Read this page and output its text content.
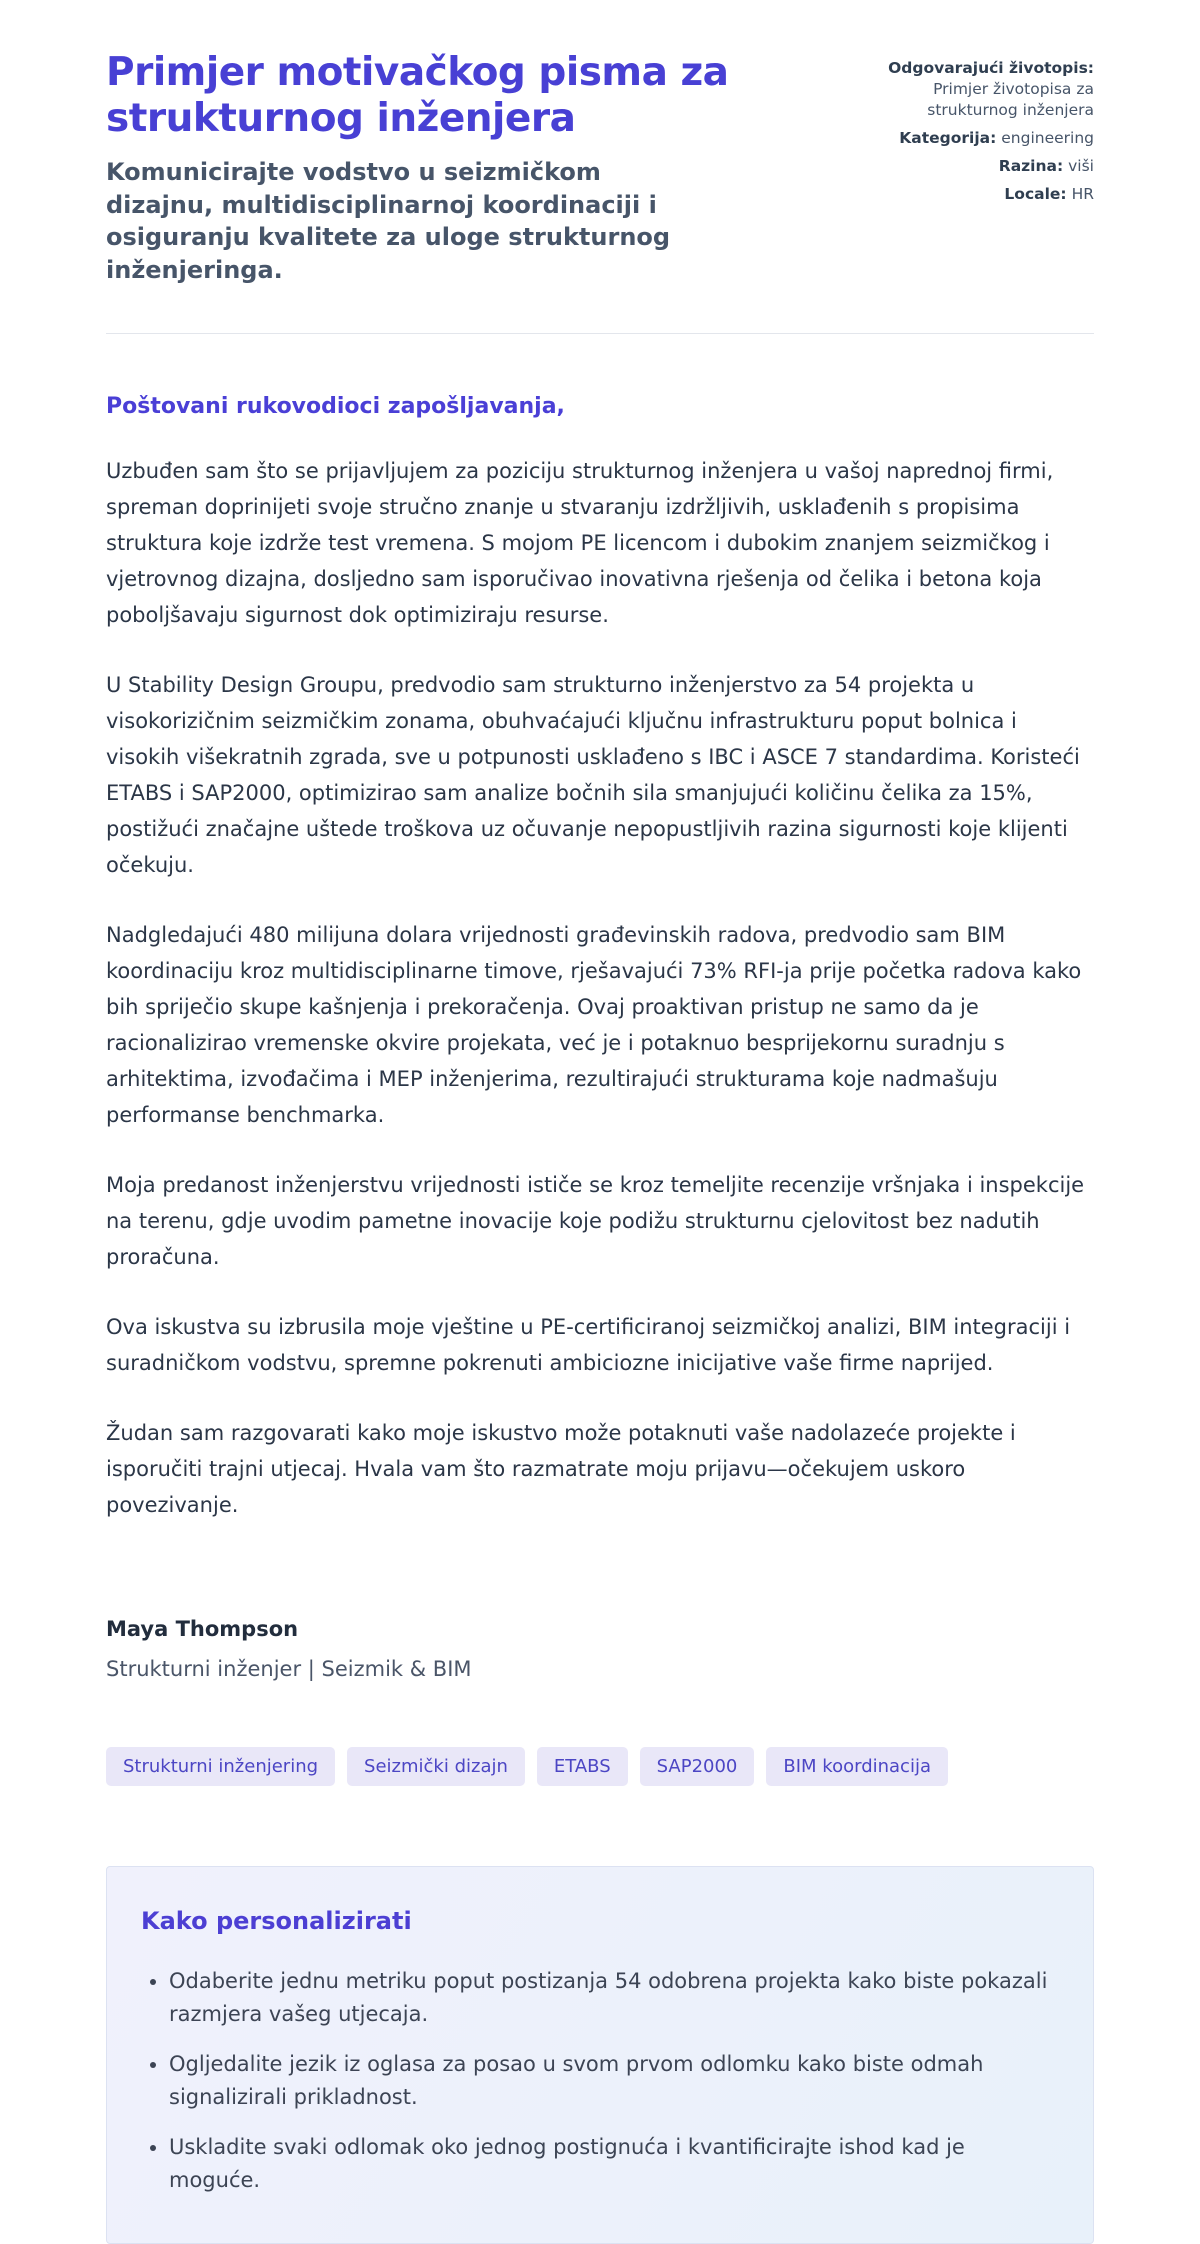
Primjer motivačkog pisma za strukturnog inženjera

Komunicirajte vodstvo u seizmičkom dizajnu, multidisciplinarnoj koordinaciji i osiguranju kvalitete za uloge strukturnog inženjeringa.

Odgovarajući životopis: Primjer životopisa za strukturnog inženjera
Kategorija: engineering
Razina: viši
Locale: HR

Poštovani rukovodioci zapošljavanja,

Uzbuđen sam što se prijavljujem za poziciju strukturnog inženjera u vašoj naprednoj firmi, spreman doprinijeti svoje stručno znanje u stvaranju izdržljivih, usklađenih s propisima struktura koje izdrže test vremena. S mojom PE licencom i dubokim znanjem seizmičkog i vjetrovnog dizajna, dosljedno sam isporučivao inovativna rješenja od čelika i betona koja poboljšavaju sigurnost dok optimiziraju resurse.

U Stability Design Groupu, predvodio sam strukturno inženjerstvo za 54 projekta u visokorizičnim seizmičkim zonama, obuhvaćajući ključnu infrastrukturu poput bolnica i visokih višekratnih zgrada, sve u potpunosti usklađeno s IBC i ASCE 7 standardima. Koristeći ETABS i SAP2000, optimizirao sam analize bočnih sila smanjujući količinu čelika za 15%, postižući značajne uštede troškova uz očuvanje nepopustljivih razina sigurnosti koje klijenti očekuju.

Nadgledajući 480 milijuna dolara vrijednosti građevinskih radova, predvodio sam BIM koordinaciju kroz multidisciplinarne timove, rješavajući 73% RFI-ja prije početka radova kako bih spriječio skupe kašnjenja i prekoračenja. Ovaj proaktivan pristup ne samo da je racionalizirao vremenske okvire projekata, već je i potaknuo besprijekornu suradnju s arhitektima, izvođačima i MEP inženjerima, rezultirajući strukturama koje nadmašuju performanse benchmarka.

Moja predanost inženjerstvu vrijednosti ističe se kroz temeljite recenzije vršnjaka i inspekcije na terenu, gdje uvodim pametne inovacije koje podižu strukturnu cjelovitost bez nadutih proračuna.

Ova iskustva su izbrusila moje vještine u PE-certificiranoj seizmičkoj analizi, BIM integraciji i suradničkom vodstvu, spremne pokrenuti ambiciozne inicijative vaše firme naprijed.

Žudan sam razgovarati kako moje iskustvo može potaknuti vaše nadolazeće projekte i isporučiti trajni utjecaj. Hvala vam što razmatrate moju prijavu—očekujem uskoro povezivanje.

Maya Thompson
Strukturni inženjer | Seizmik & BIM
Strukturni inženjering	Seizmički dizajn	ETABS	SAP2000	BIM koordinacija
Kako personalizirati
• Odaberite jednu metriku poput postizanja 54 odobrena projekta kako biste pokazali razmjera vašeg utjecaja.
• Ogljedalite jezik iz oglasa za posao u svom prvom odlomku kako biste odmah signalizirali prikladnost.
• Uskladite svaki odlomak oko jednog postignuća i kvantificirajte ishod kad je moguće.
